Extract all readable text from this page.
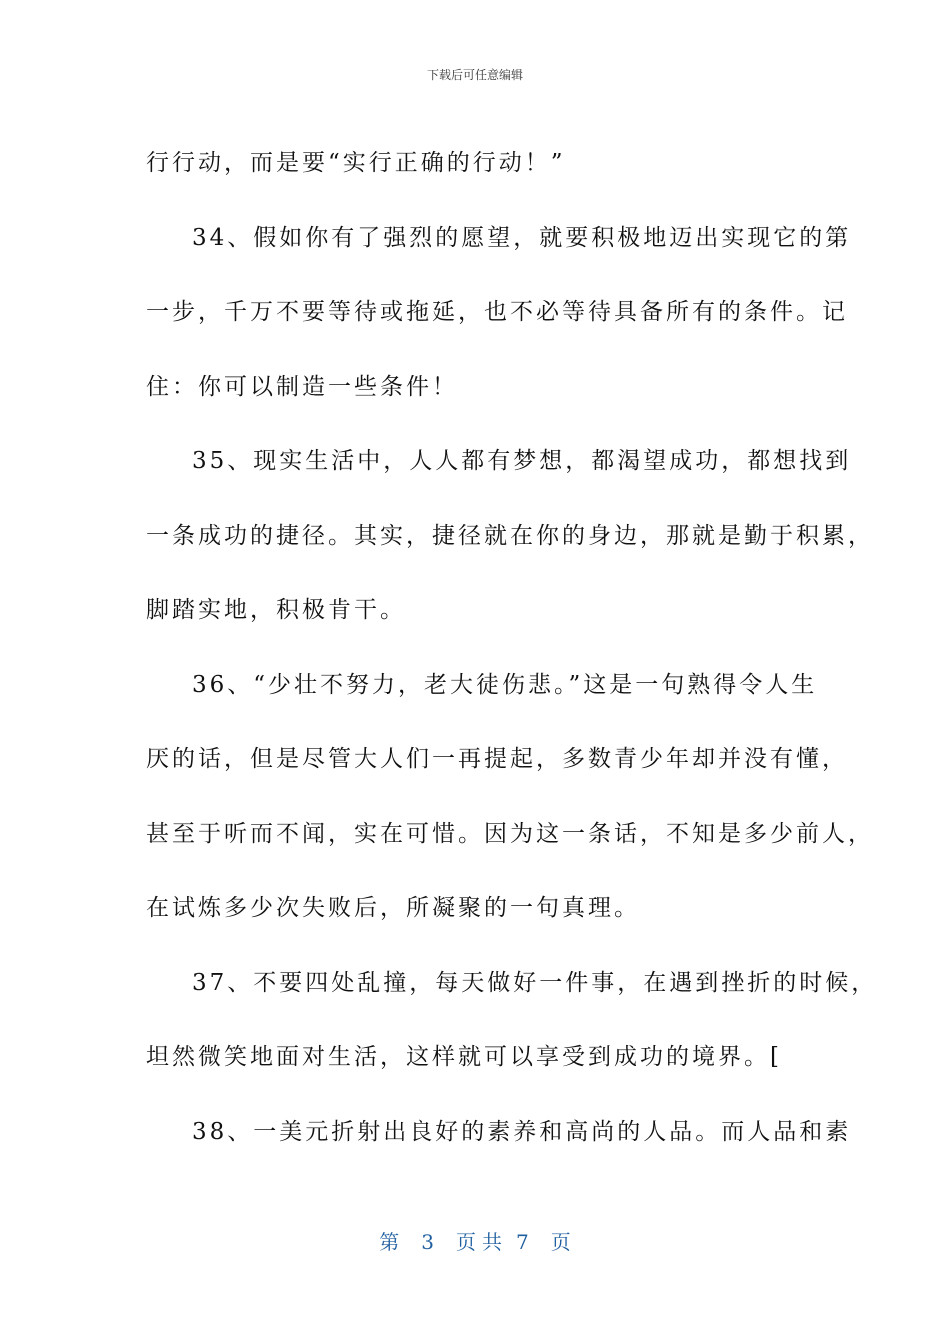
下载后可任意编辑
行行动，而是要“实行正确的行动！”
34、假如你有了强烈的愿望，就要积极地迈出实现它的第
一步，千万不要等待或拖延，也不必等待具备所有的条件。记
住：你可以制造一些条件！
35、现实生活中，人人都有梦想，都渴望成功，都想找到
一条成功的捷径。其实，捷径就在你的身边，那就是勤于积累，
脚踏实地，积极肯干。
36、“少壮不努力，老大徒伤悲。”这是一句熟得令人生
厌的话，但是尽管大人们一再提起，多数青少年却并没有懂，
甚至于听而不闻，实在可惜。因为这一条话，不知是多少前人，
在试炼多少次失败后，所凝聚的一句真理。
37、不要四处乱撞，每天做好一件事，在遇到挫折的时候，
坦然微笑地面对生活，这样就可以享受到成功的境界。[
38、一美元折射出良好的素养和高尚的人品。而人品和素
第 3 页共 7 页
